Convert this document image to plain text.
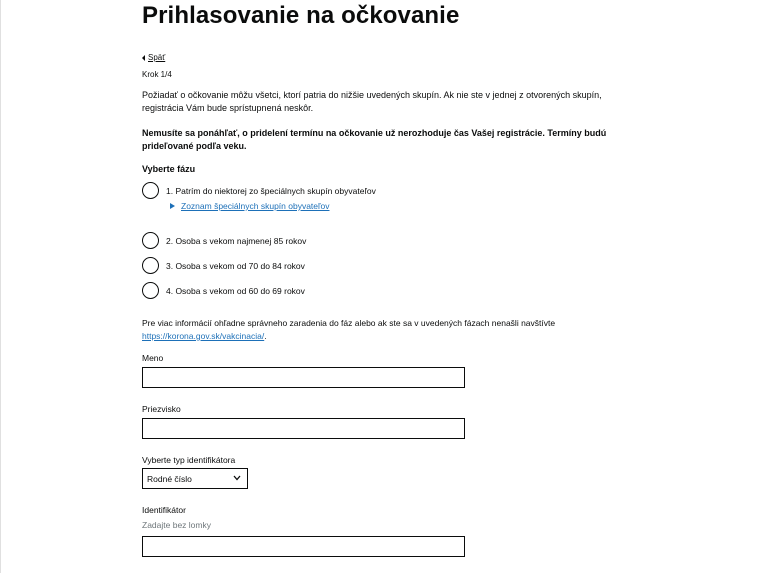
Prihlasovanie na očkovanie
Späť
Krok 1/4
Požiadať o očkovanie môžu všetci, ktorí patria do nižšie uvedených skupín. Ak nie ste v jednej z otvorených skupín, registrácia Vám bude sprístupnená neskôr.
Nemusíte sa ponáhľať, o pridelení termínu na očkovanie už nerozhoduje čas Vašej registrácie. Termíny budú prideľované podľa veku.
Vyberte fázu
1. Patrím do niektorej zo špeciálnych skupín obyvateľov
Zoznam špeciálnych skupín obyvateľov
2. Osoba s vekom najmenej 85 rokov
3. Osoba s vekom od 70 do 84 rokov
4. Osoba s vekom od 60 do 69 rokov
Pre viac informácií ohľadne správneho zaradenia do fáz alebo ak ste sa v uvedených fázach nenašli navštívte
https://korona.gov.sk/vakcinacia/.
Meno
Priezvisko
Vyberte typ identifikátora
Rodné číslo
Identifikátor
Zadajte bez lomky
